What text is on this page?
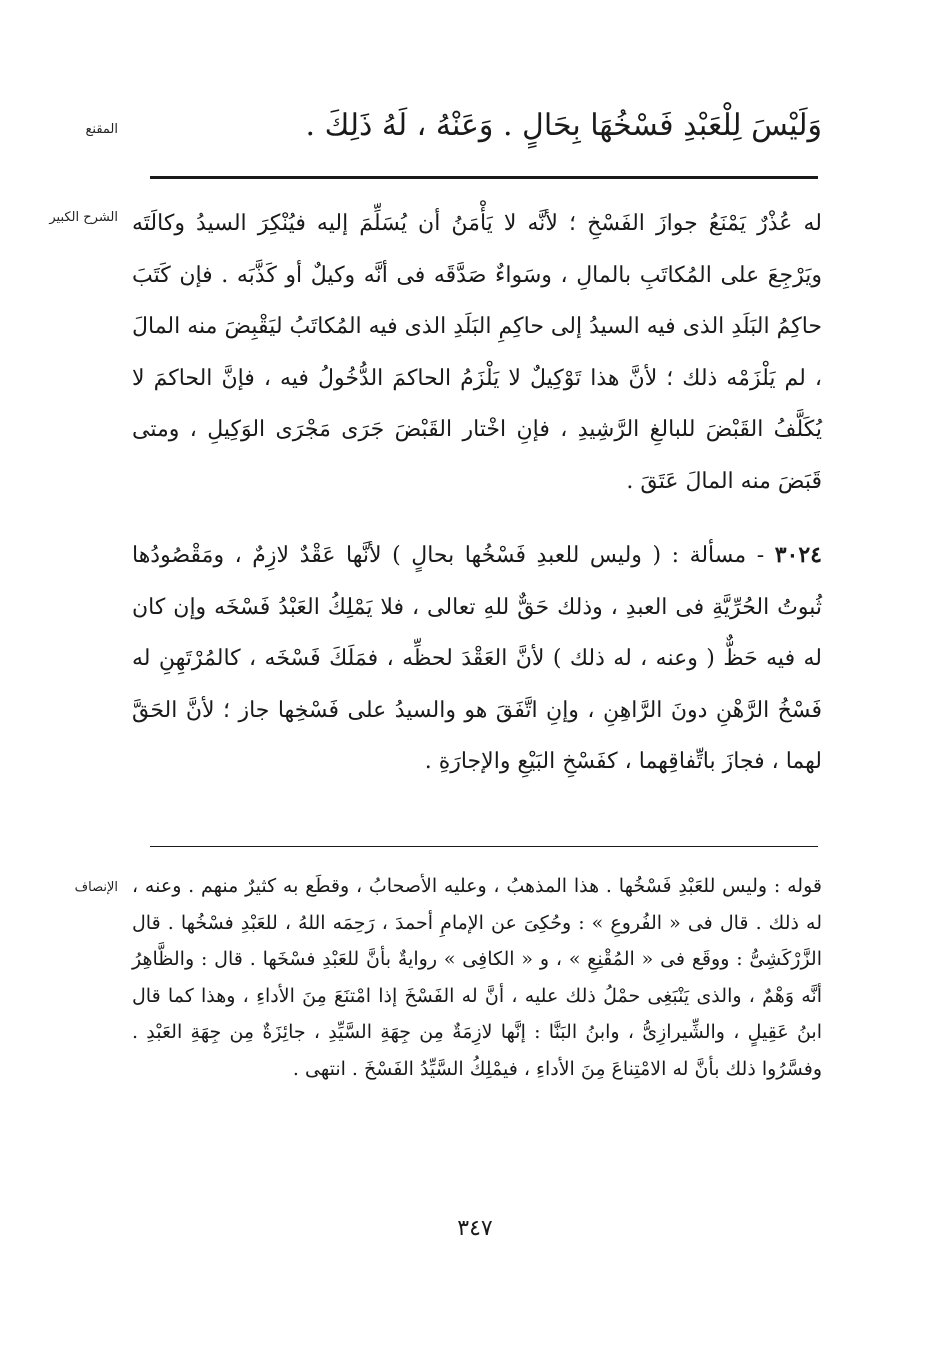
المقنع	وَلَيْسَ لِلْعَبْدِ فَسْخُهَا بِحَالٍ . وَعَنْهُ ، لَهُ ذَلِكَ .

الشرح الكبير له عُذْرٌ يَمْنَعُ جوازَ الفَسْخِ ؛ لأنَّه لا يَأْمَنُ أن يُسَلِّمَ إليه فيُنْكِرَ السيدُ وكالَتَه ويَرْجِعَ على المُكاتَبِ بالمالِ ، وسَواءٌ صَدَّقَه فى أنَّه وكيلٌ أو كَذَّبَه . فإن كَتَبَ حاكِمُ البَلَدِ الذى فيه السيدُ إلى حاكِمِ البَلَدِ الذى فيه المُكاتَبُ ليَقْبِضَ منه المالَ ، لم يَلْزَمْه ذلك ؛ لأنَّ هذا تَوْكِيلٌ لا يَلْزَمُ الحاكمَ الدُّخُولُ فيه ، فإنَّ الحاكمَ لا يُكَلَّفُ القَبْضَ للبالغِ الرَّشِيدِ ، فإنِ اخْتار القَبْضَ جَرَى مَجْرَى الوَكِيلِ ، ومتى قَبَضَ منه المالَ عَتَقَ .

٣٠٢٤ - مسألة : ( وليس للعبدِ فَسْخُها بحالٍ ) لأنَّها عَقْدٌ لازِمٌ ، ومَقْصُودُها ثُبوتُ الحُرِّيَّةِ فى العبدِ ، وذلك حَقٌّ للهِ تعالى ، فلا يَمْلِكُ العَبْدُ فَسْخَه وإن كان له فيه حَظٌّ ( وعنه ، له ذلك ) لأنَّ العَقْدَ لحظِّه ، فمَلَكَ فَسْخَه ، كالمُرْتَهِنِ له فَسْخُ الرَّهْنِ دونَ الرَّاهِنِ ، وإنِ اتَّفَقَ هو والسيدُ على فَسْخِها جاز ؛ لأنَّ الحَقَّ لهما ، فجازَ باتِّفاقِهما ، كفَسْخِ البَيْعِ والإجارَةِ .

الإنصاف قوله : وليس للعَبْدِ فَسْخُها . هذا المذهبُ ، وعليه الأصحابُ ، وقطَع به كثيرٌ منهم . وعنه ، له ذلك . قال فى « الفُروعِ » : وحُكِىَ عن الإمامِ أحمدَ ، رَحِمَه اللهُ ، للعَبْدِ فسْخُها . قال الزَّرْكَشِىُّ : ووقَع فى « المُقْنِعِ » ، و « الكافِى » روايةٌ بأنَّ للعَبْدِ فسْخَها . قال : والظَّاهِرُ أنَّه وَهْمٌ ، والذى يَنْبَغِى حمْلُ ذلك عليه ، أنَّ له الفَسْخَ إذا امْتنَعَ مِنَ الأداءِ ، وهذا كما قال ابنُ عَقِيلٍ ، والشِّيرازِىُّ ، وابنُ البَنَّا : إنَّها لازِمَةٌ مِن جِهَةِ السَّيِّدِ ، جائِزَةٌ مِن جِهَةِ العَبْدِ . وفسَّرُوا ذلك بأنَّ له الامْتِناعَ مِنَ الأداءِ ، فيمْلِكُ السَّيِّدُ الفَسْخَ . انتهى .

٣٤٧
